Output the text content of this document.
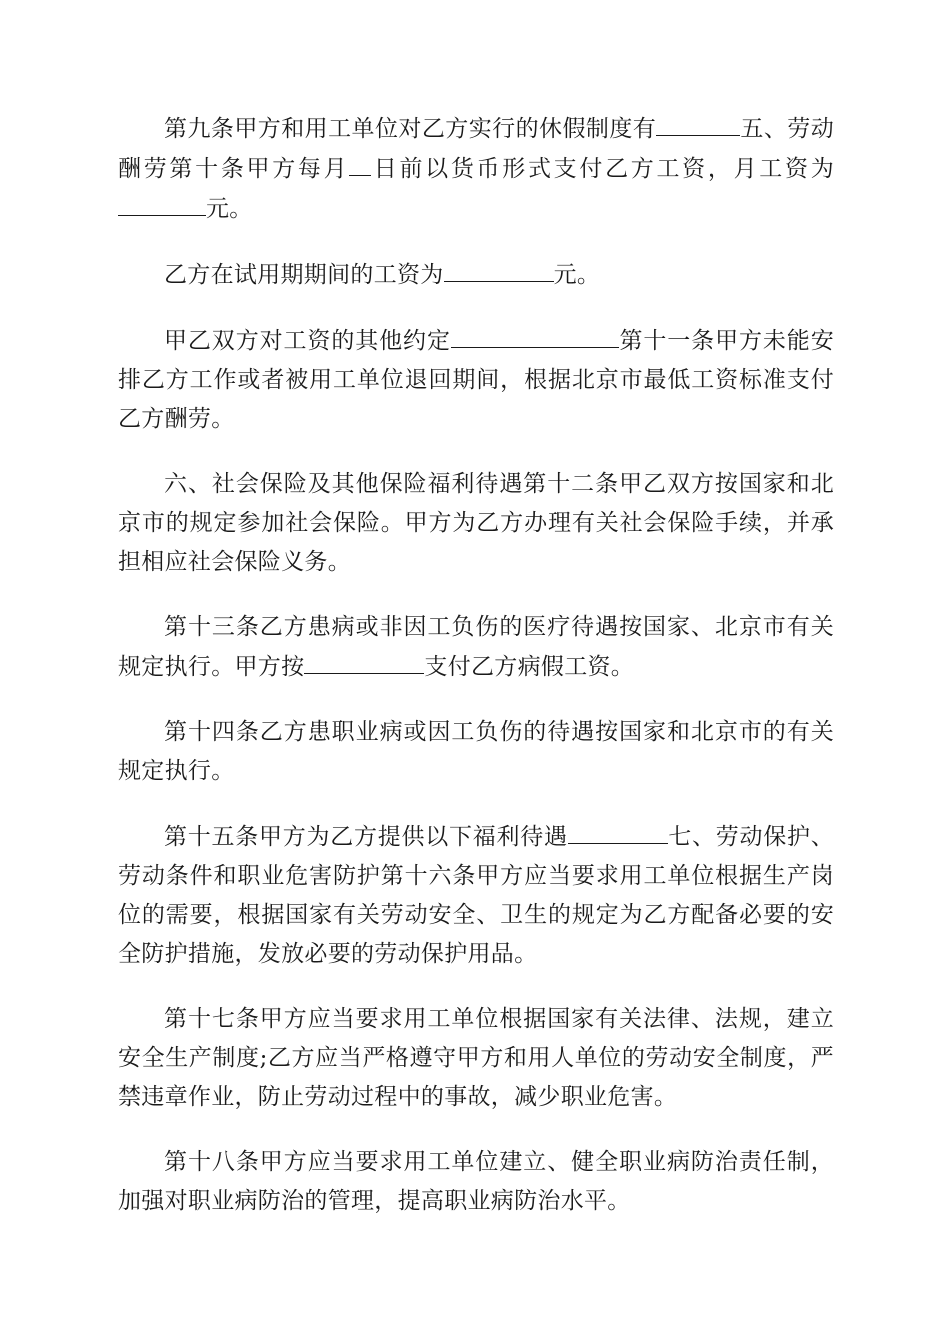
第九条甲方和用工单位对乙方实行的休假制度有	五、劳动酬劳第十条甲方每月 日前以货币形式支付乙方工资，月工资为元。

乙方在试用期期间的工资为	元。

甲乙双方对工资的其他约定	第十一条甲方未能安排乙方工作或者被用工单位退回期间，根据北京市最低工资标准支付乙方酬劳。

六、社会保险及其他保险福利待遇第十二条甲乙双方按国家和北京市的规定参加社会保险。甲方为乙方办理有关社会保险手续，并承担相应社会保险义务。

第十三条乙方患病或非因工负伤的医疗待遇按国家、北京市有关规定执行。甲方按	支付乙方病假工资。

第十四条乙方患职业病或因工负伤的待遇按国家和北京市的有关规定执行。

第十五条甲方为乙方提供以下福利待遇	七、劳动保护、劳动条件和职业危害防护第十六条甲方应当要求用工单位根据生产岗位的需要，根据国家有关劳动安全、卫生的规定为乙方配备必要的安全防护措施，发放必要的劳动保护用品。

第十七条甲方应当要求用工单位根据国家有关法律、法规，建立安全生产制度;乙方应当严格遵守甲方和用人单位的劳动安全制度，严禁违章作业，防止劳动过程中的事故，减少职业危害。

第十八条甲方应当要求用工单位建立、健全职业病防治责任制，加强对职业病防治的管理，提高职业病防治水平。
